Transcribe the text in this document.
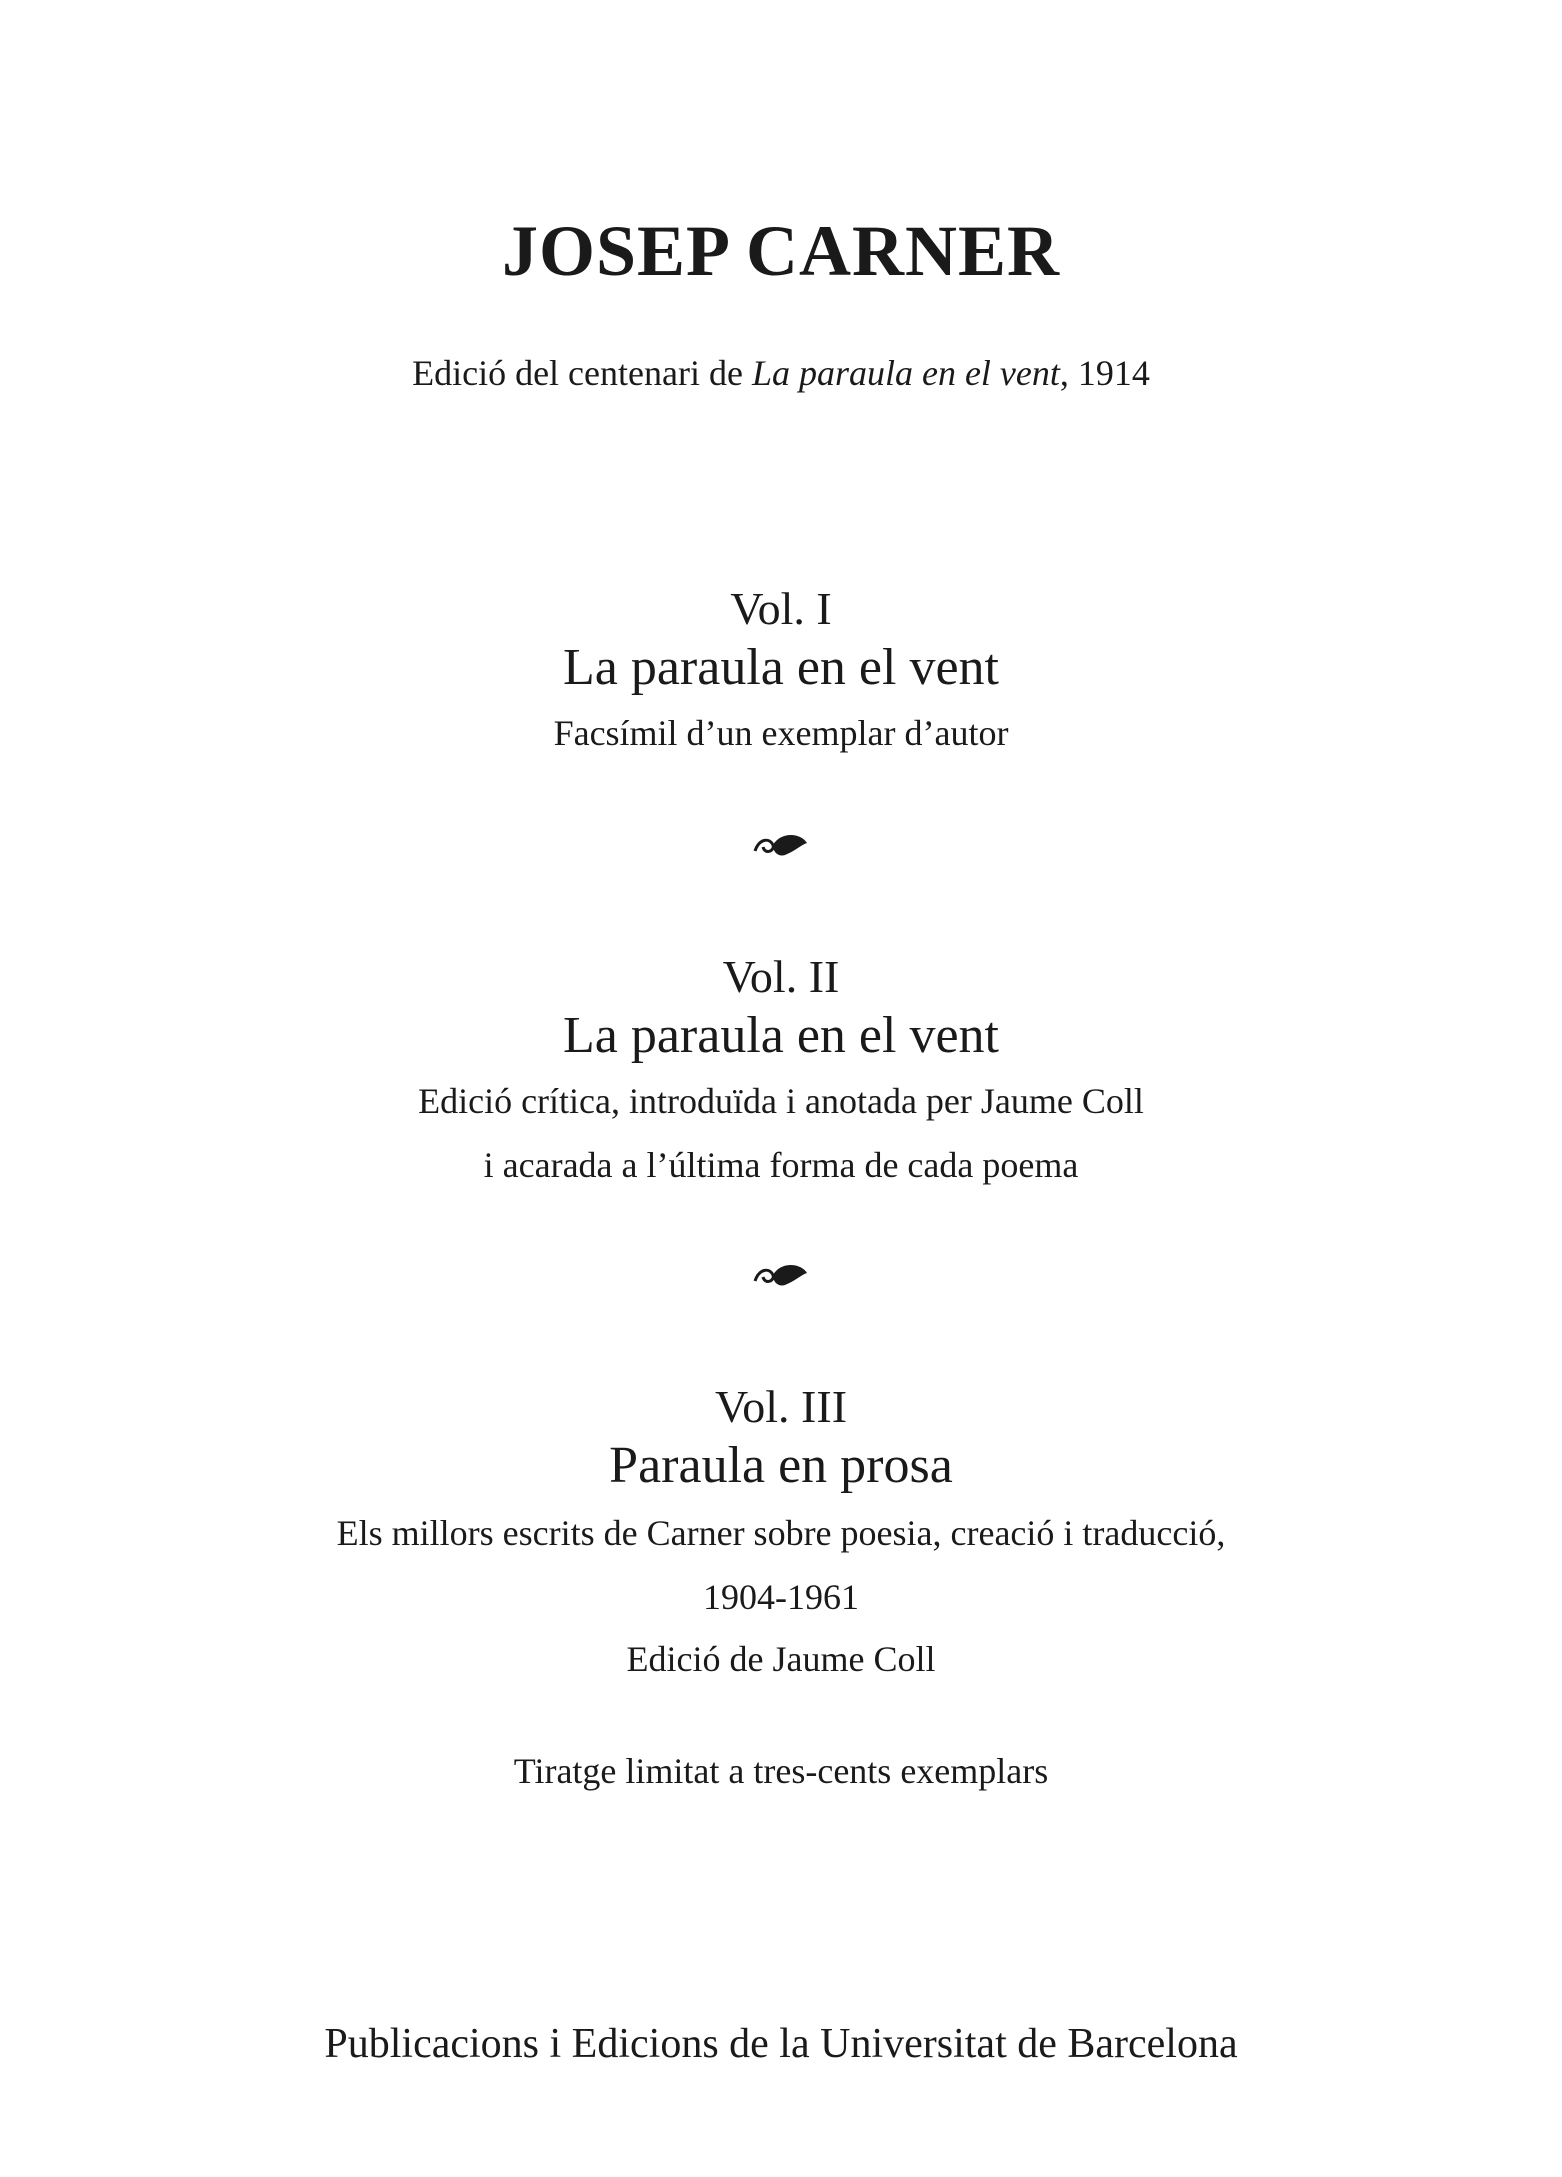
JOSEP CARNER
Edició del centenari de La paraula en el vent, 1914
Vol. I
La paraula en el vent
Facsímil d’un exemplar d’autor
Vol. II
La paraula en el vent
Edició crítica, introduïda i anotada per Jaume Coll
i acarada a l’última forma de cada poema
Vol. III
Paraula en prosa
Els millors escrits de Carner sobre poesia, creació i traducció,
1904-1961
Edició de Jaume Coll
Tiratge limitat a tres-cents exemplars
Publicacions i Edicions de la Universitat de Barcelona
